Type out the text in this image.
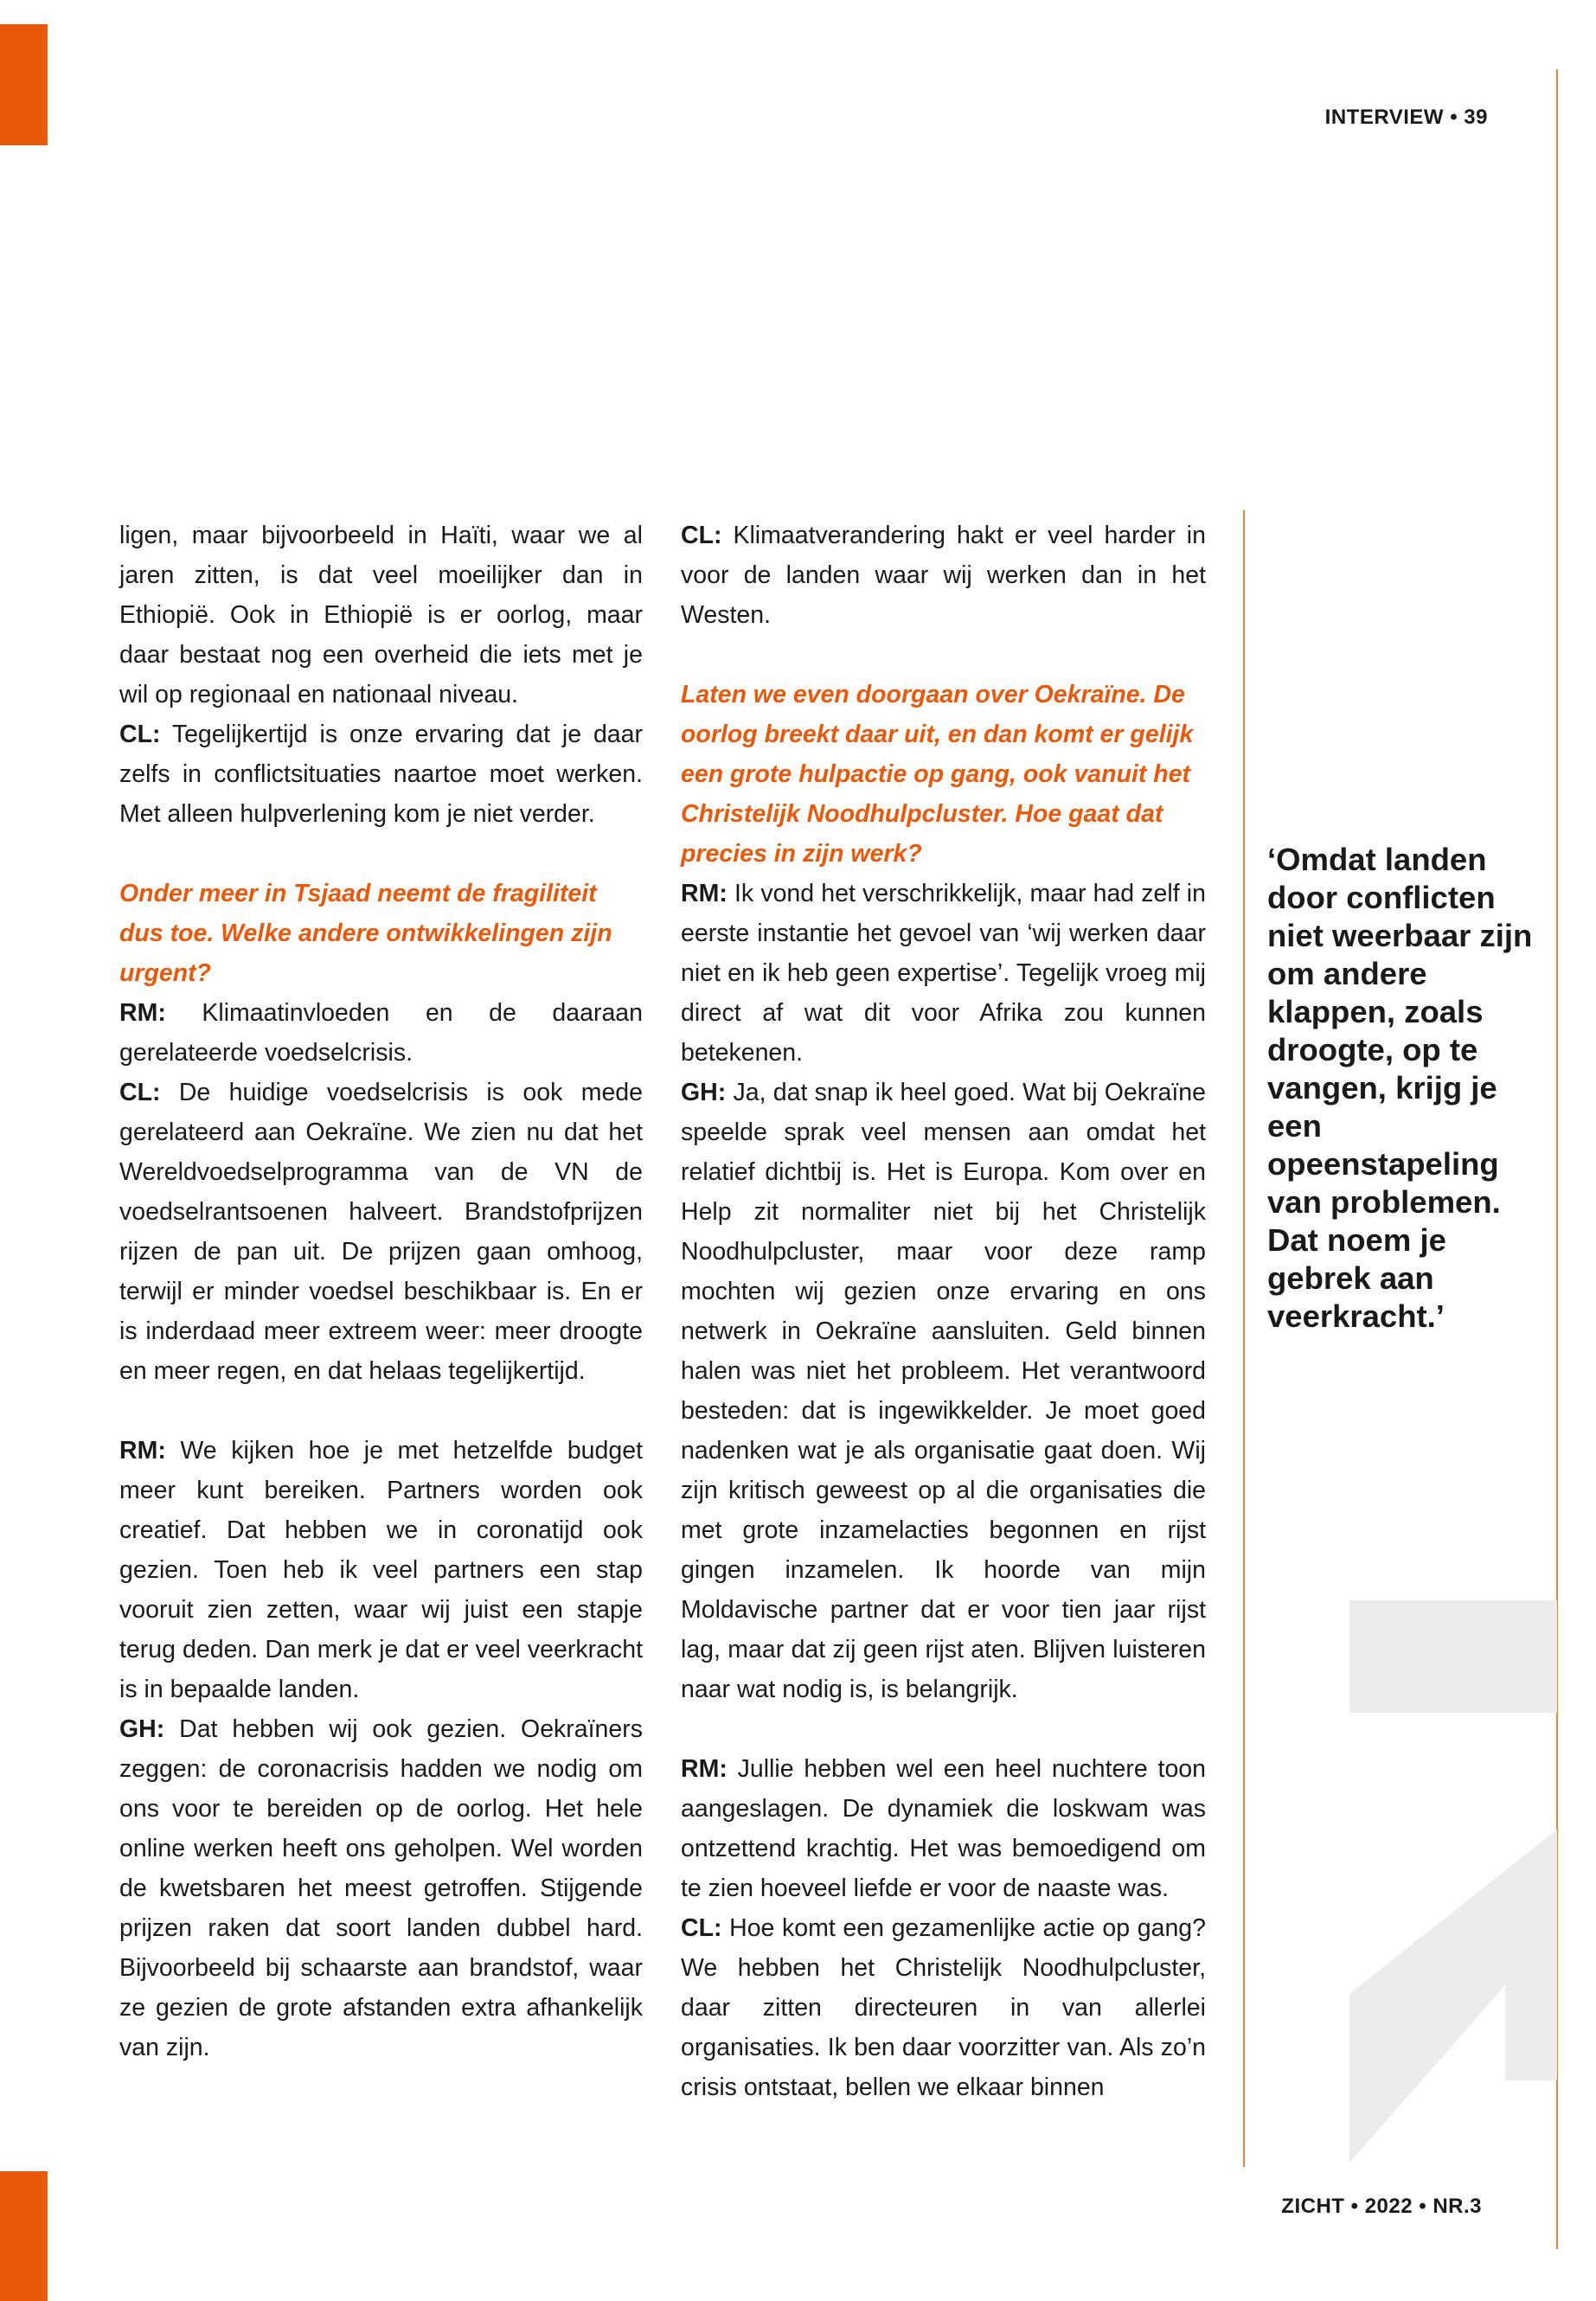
INTERVIEW • 39

ligen, maar bijvoorbeeld in Haïti, waar we al jaren zitten, is dat veel moeilijker dan in Ethiopië. Ook in Ethiopië is er oorlog, maar daar bestaat nog een overheid die iets met je wil op regionaal en nationaal niveau.

CL: Tegelijkertijd is onze ervaring dat je daar zelfs in conflictsituaties naartoe moet werken. Met alleen hulpverlening kom je niet verder.

Onder meer in Tsjaad neemt de fragiliteit dus toe. Welke andere ontwikkelingen zijn urgent?

RM: Klimaatinvloeden en de daaraan gerelateerde voedselcrisis.

CL: De huidige voedselcrisis is ook mede gerelateerd aan Oekraïne. We zien nu dat het Wereldvoedselprogramma van de VN de voedselrantsoenen halveert. Brandstofprijzen rijzen de pan uit. De prijzen gaan omhoog, terwijl er minder voedsel beschikbaar is. En er is inderdaad meer extreem weer: meer droogte en meer regen, en dat helaas tegelijkertijd.

RM: We kijken hoe je met hetzelfde budget meer kunt bereiken. Partners worden ook creatief. Dat hebben we in coronatijd ook gezien. Toen heb ik veel partners een stap vooruit zien zetten, waar wij juist een stapje terug deden. Dan merk je dat er veel veerkracht is in bepaalde landen.

GH: Dat hebben wij ook gezien. Oekraïners zeggen: de coronacrisis hadden we nodig om ons voor te bereiden op de oorlog. Het hele online werken heeft ons geholpen. Wel worden de kwetsbaren het meest getroffen. Stijgende prijzen raken dat soort landen dubbel hard. Bijvoorbeeld bij schaarste aan brandstof, waar ze gezien de grote afstanden extra afhankelijk van zijn.

CL: Klimaatverandering hakt er veel harder in voor de landen waar wij werken dan in het Westen.

Laten we even doorgaan over Oekraïne. De oorlog breekt daar uit, en dan komt er gelijk een grote hulpactie op gang, ook vanuit het Christelijk Noodhulpcluster. Hoe gaat dat precies in zijn werk?

RM: Ik vond het verschrikkelijk, maar had zelf in eerste instantie het gevoel van ‘wij werken daar niet en ik heb geen expertise’. Tegelijk vroeg mij direct af wat dit voor Afrika zou kunnen betekenen.

GH: Ja, dat snap ik heel goed. Wat bij Oekraïne speelde sprak veel mensen aan omdat het relatief dichtbij is. Het is Europa. Kom over en Help zit normaliter niet bij het Christelijk Noodhulpcluster, maar voor deze ramp mochten wij gezien onze ervaring en ons netwerk in Oekraïne aansluiten. Geld binnen halen was niet het probleem. Het verantwoord besteden: dat is ingewikkelder. Je moet goed nadenken wat je als organisatie gaat doen. Wij zijn kritisch geweest op al die organisaties die met grote inzamelacties begonnen en rijst gingen inzamelen. Ik hoorde van mijn Moldavische partner dat er voor tien jaar rijst lag, maar dat zij geen rijst aten. Blijven luisteren naar wat nodig is, is belangrijk.

RM: Jullie hebben wel een heel nuchtere toon aangeslagen. De dynamiek die loskwam was ontzettend krachtig. Het was bemoedigend om te zien hoeveel liefde er voor de naaste was.

CL: Hoe komt een gezamenlijke actie op gang? We hebben het Christelijk Noodhulpcluster, daar zitten directeuren in van allerlei organisaties. Ik ben daar voorzitter van. Als zo’n crisis ontstaat, bellen we elkaar binnen

‘Omdat landen door conflicten niet weerbaar zijn om andere klappen, zoals droogte, op te vangen, krijg je een opeenstapeling van problemen. Dat noem je gebrek aan veerkracht.’
ZICHT • 2022 • NR.3
